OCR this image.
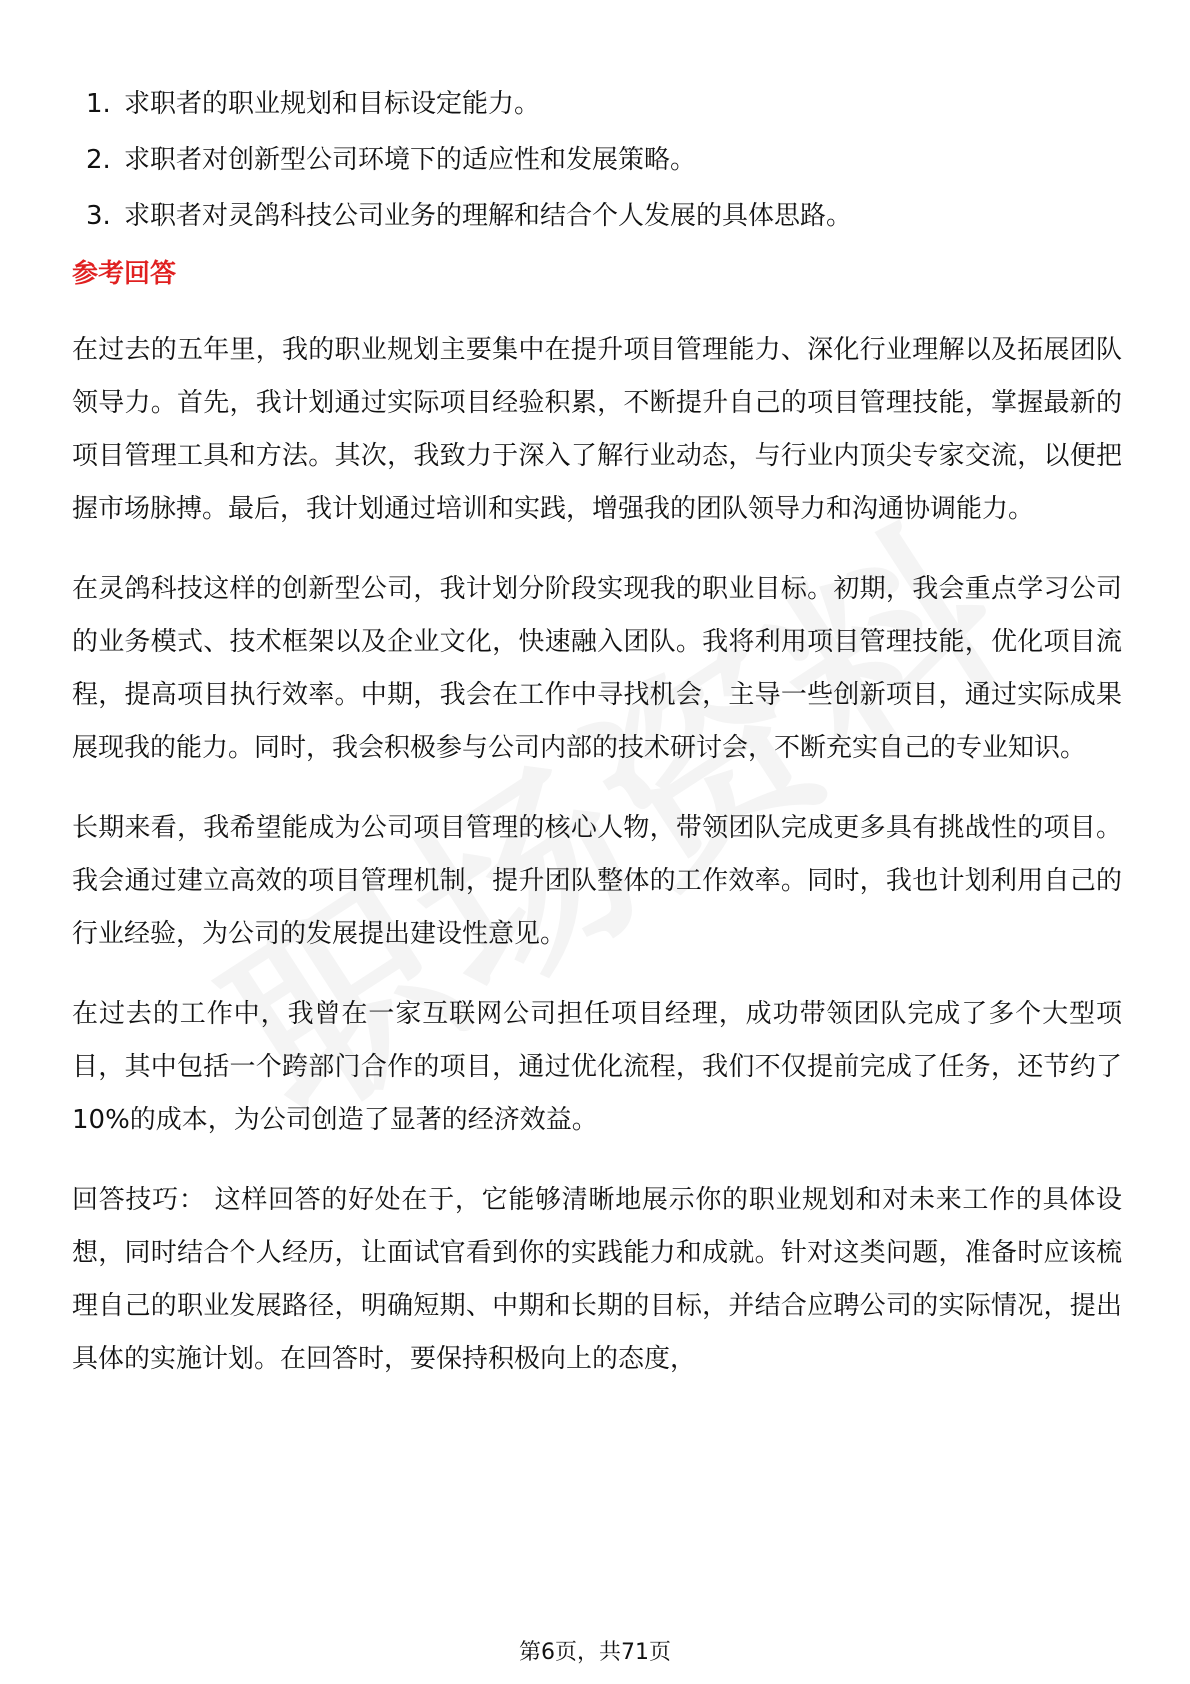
1. 求职者的职业规划和目标设定能力。
2. 求职者对创新型公司环境下的适应性和发展策略。
3. 求职者对灵鸽科技公司业务的理解和结合个人发展的具体思路。
参考回答

在过去的五年里，我的职业规划主要集中在提升项目管理能力、深化行业理解以及拓展团队领导力。首先，我计划通过实际项目经验积累，不断提升自己的项目管理技能，掌握最新的项目管理工具和方法。其次，我致力于深入了解行业动态，与行业内顶尖专家交流，以便把握市场脉搏。最后，我计划通过培训和实践，增强我的团队领导力和沟通协调能力。

在灵鸽科技这样的创新型公司，我计划分阶段实现我的职业目标。初期，我会重点学习公司的业务模式、技术框架以及企业文化，快速融入团队。我将利用项目管理技能，优化项目流程，提高项目执行效率。中期，我会在工作中寻找机会，主导一些创新项目，通过实际成果展现我的能力。同时，我会积极参与公司内部的技术研讨会，不断充实自己的专业知识。

长期来看，我希望能成为公司项目管理的核心人物，带领团队完成更多具有挑战性的项目。我会通过建立高效的项目管理机制，提升团队整体的工作效率。同时，我也计划利用自己的行业经验，为公司的发展提出建设性意见。

在过去的工作中，我曾在一家互联网公司担任项目经理，成功带领团队完成了多个大型项目，其中包括一个跨部门合作的项目，通过优化流程，我们不仅提前完成了任务，还节约了10%的成本，为公司创造了显著的经济效益。

回答技巧： 这样回答的好处在于，它能够清晰地展示你的职业规划和对未来工作的具体设想，同时结合个人经历，让面试官看到你的实践能力和成就。针对这类问题，准备时应该梳理自己的职业发展路径，明确短期、中期和长期的目标，并结合应聘公司的实际情况，提出具体的实施计划。在回答时，要保持积极向上的态度，

第6页，共71页
